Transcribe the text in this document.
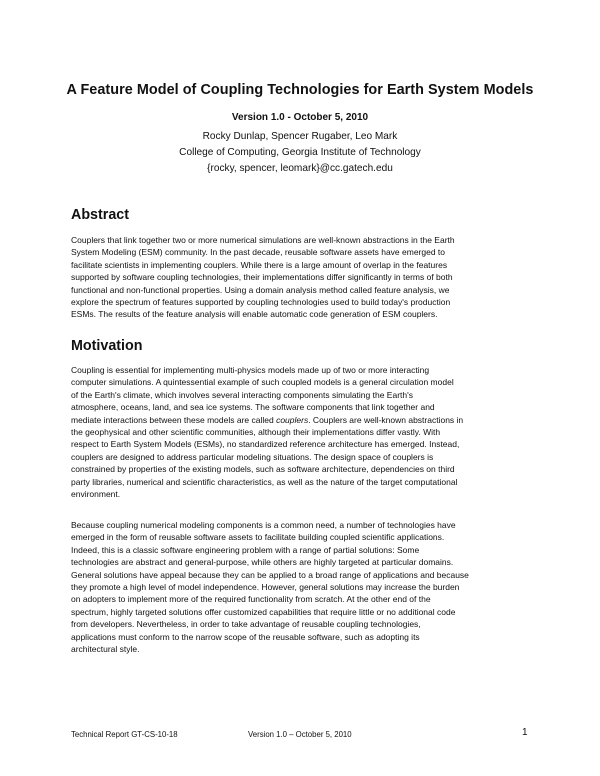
A Feature Model of Coupling Technologies for Earth System Models
Version 1.0 - October 5, 2010
Rocky Dunlap, Spencer Rugaber, Leo Mark
College of Computing, Georgia Institute of Technology
{rocky, spencer, leomark}@cc.gatech.edu
Abstract
Couplers that link together two or more numerical simulations are well-known abstractions in the Earth
System Modeling (ESM) community. In the past decade, reusable software assets have emerged to
facilitate scientists in implementing couplers. While there is a large amount of overlap in the features
supported by software coupling technologies, their implementations differ significantly in terms of both
functional and non-functional properties. Using a domain analysis method called feature analysis, we
explore the spectrum of features supported by coupling technologies used to build today's production
ESMs. The results of the feature analysis will enable automatic code generation of ESM couplers.
Motivation
Coupling is essential for implementing multi-physics models made up of two or more interacting
computer simulations. A quintessential example of such coupled models is a general circulation model
of the Earth's climate, which involves several interacting components simulating the Earth's
atmosphere, oceans, land, and sea ice systems. The software components that link together and
mediate interactions between these models are called couplers. Couplers are well-known abstractions in
the geophysical and other scientific communities, although their implementations differ vastly. With
respect to Earth System Models (ESMs), no standardized reference architecture has emerged. Instead,
couplers are designed to address particular modeling situations. The design space of couplers is
constrained by properties of the existing models, such as software architecture, dependencies on third
party libraries, numerical and scientific characteristics, as well as the nature of the target computational
environment.
Because coupling numerical modeling components is a common need, a number of technologies have
emerged in the form of reusable software assets to facilitate building coupled scientific applications.
Indeed, this is a classic software engineering problem with a range of partial solutions: Some
technologies are abstract and general-purpose, while others are highly targeted at particular domains.
General solutions have appeal because they can be applied to a broad range of applications and because
they promote a high level of model independence. However, general solutions may increase the burden
on adopters to implement more of the required functionality from scratch. At the other end of the
spectrum, highly targeted solutions offer customized capabilities that require little or no additional code
from developers. Nevertheless, in order to take advantage of reusable coupling technologies,
applications must conform to the narrow scope of the reusable software, such as adopting its
architectural style.
Technical Report GT-CS-10-18	Version 1.0 – October 5, 2010	1
